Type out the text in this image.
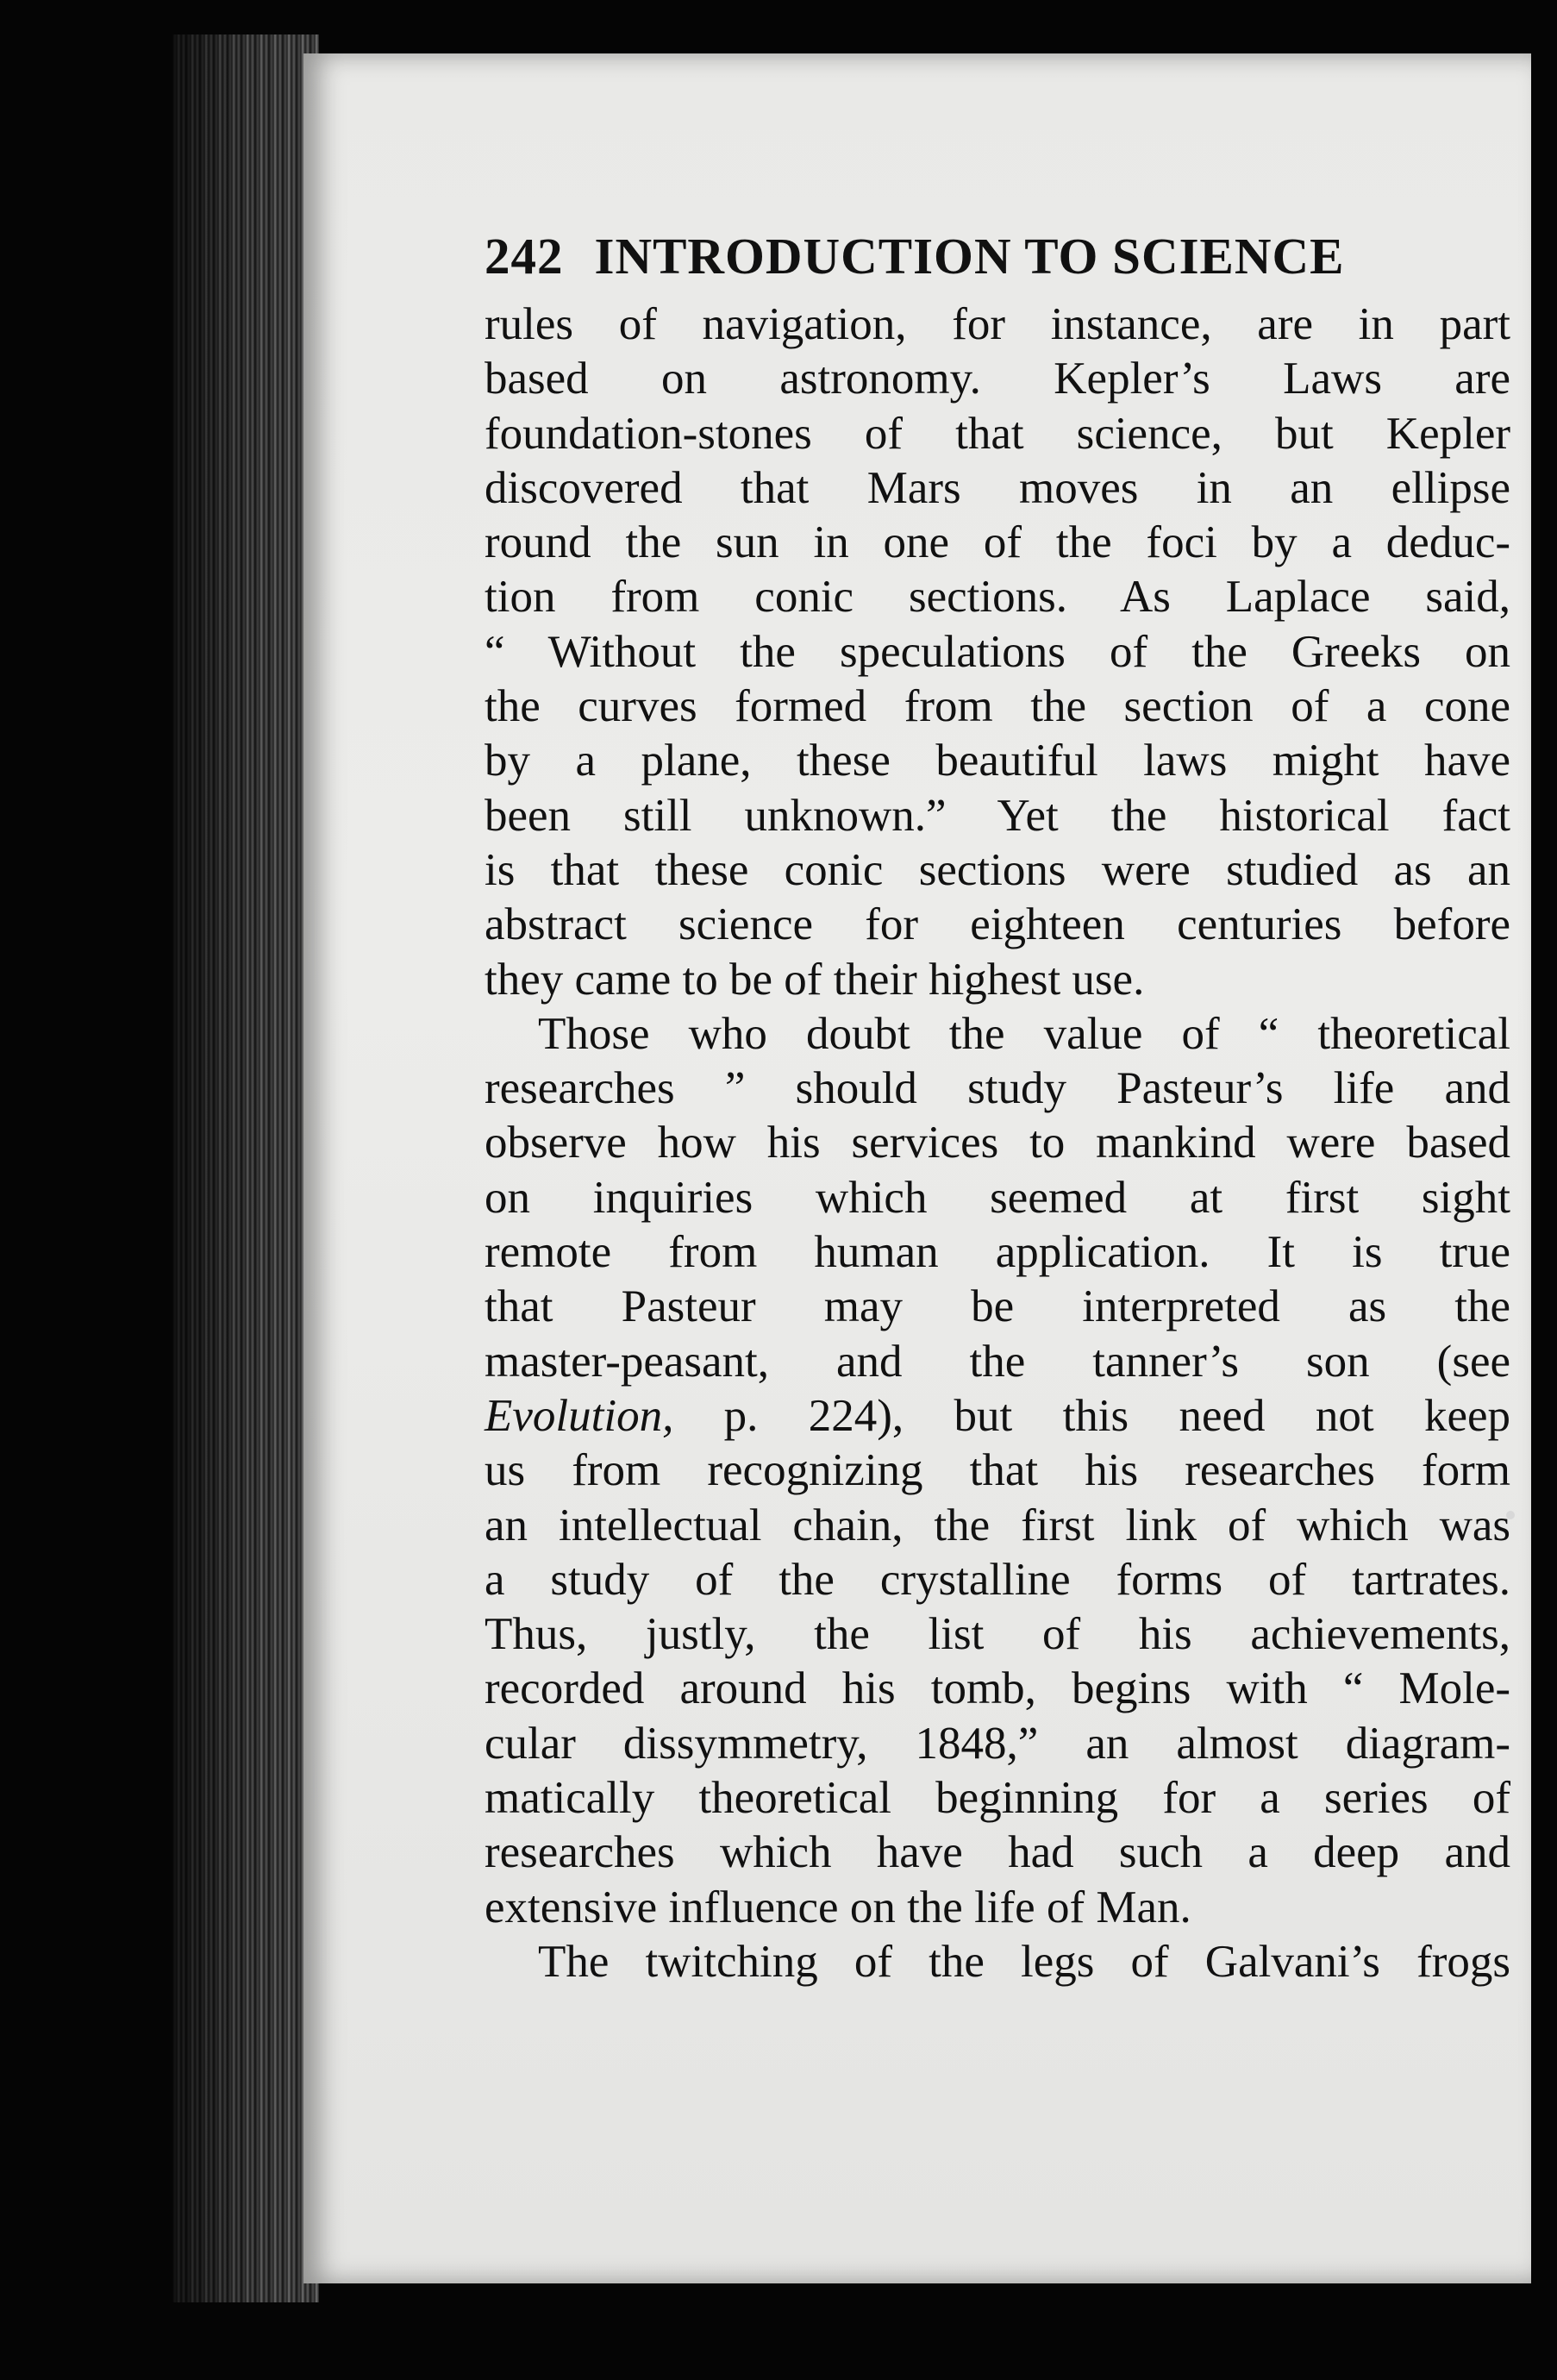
242 INTRODUCTION TO SCIENCE

rules of navigation, for instance, are in part
based on astronomy. Kepler’s Laws are
foundation-stones of that science, but Kepler
discovered that Mars moves in an ellipse
round the sun in one of the foci by a deduc-
tion from conic sections. As Laplace said,
“ Without the speculations of the Greeks on
the curves formed from the section of a cone
by a plane, these beautiful laws might have
been still unknown.” Yet the historical fact
is that these conic sections were studied as an
abstract science for eighteen centuries before
they came to be of their highest use.

Those who doubt the value of “ theoretical
researches ” should study Pasteur’s life and
observe how his services to mankind were based
on inquiries which seemed at first sight
remote from human application. It is true
that Pasteur may be interpreted as the
master-peasant, and the tanner’s son (see
Evolution, p. 224), but this need not keep
us from recognizing that his researches form
an intellectual chain, the first link of which was
a study of the crystalline forms of tartrates.
Thus, justly, the list of his achievements,
recorded around his tomb, begins with “ Mole-
cular dissymmetry, 1848,” an almost diagram-
matically theoretical beginning for a series of
researches which have had such a deep and
extensive influence on the life of Man.

The twitching of the legs of Galvani’s frogs
